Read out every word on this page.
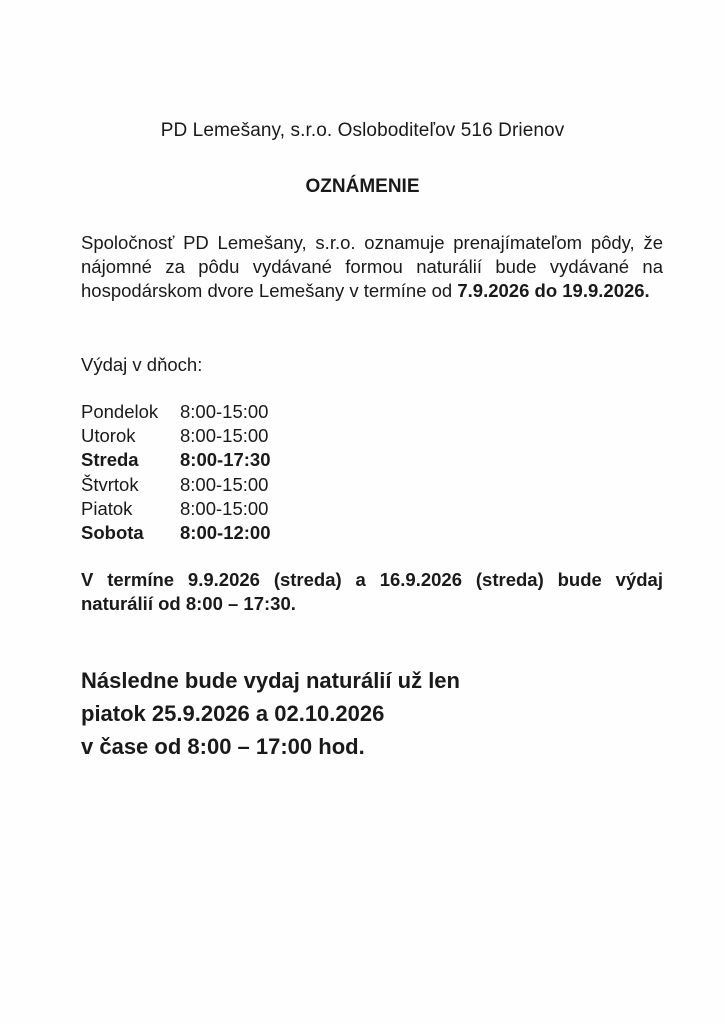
PD Lemešany, s.r.o. Osloboditeľov 516 Drienov
OZNÁMENIE
Spoločnosť PD Lemešany, s.r.o. oznamuje prenajímateľom pôdy, že nájomné za pôdu vydávané formou naturálií bude vydávané na hospodárskom dvore Lemešany v termíne od 7.9.2026 do 19.9.2026.
Výdaj v dňoch:
Pondelok	8:00-15:00
Utorok	8:00-15:00
Streda	8:00-17:30
Štvrtok	8:00-15:00
Piatok	8:00-15:00
Sobota	8:00-12:00
V termíne 9.9.2026 (streda) a 16.9.2026 (streda) bude výdaj naturálií od 8:00 – 17:30.
Následne bude vydaj naturálií už len
piatok 25.9.2026 a 02.10.2026
v čase od 8:00 – 17:00 hod.
